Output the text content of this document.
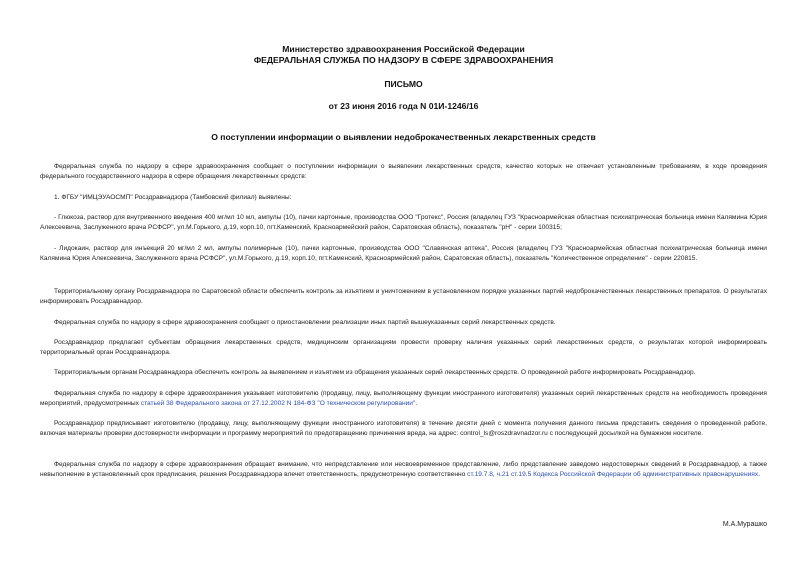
Министерство здравоохранения Российской Федерации
ФЕДЕРАЛЬНАЯ СЛУЖБА ПО НАДЗОРУ В СФЕРЕ ЗДРАВООХРАНЕНИЯ
ПИСЬМО
от 23 июня 2016 года N 01И-1246/16
О поступлении информации о выявлении недоброкачественных лекарственных средств
Федеральная служба по надзору в сфере здравоохранения сообщает о поступлении информации о выявлении лекарственных средств, качество которых не отвечает установленным требованиям, в ходе проведения федерального государственного надзора в сфере обращения лекарственных средств:
1. ФГБУ "ИМЦЭУАОСМП" Росздравнадзора (Тамбовский филиал) выявлены:
- Глюкоза, раствор для внутривенного введения 400 мг/мл 10 мл, ампулы (10), пачки картонные, производства ООО "Гротекс", Россия (владелец ГУЗ "Красноармейская областная психиатрическая больница имени Калямина Юрия Алексеевича, Заслуженного врача РСФСР", ул.М.Горького, д.19, корп.10, пгт.Каменский, Красноармейский район, Саратовская область), показатель "pH" - серии 100315;
- Лидокаин, раствор для инъекций 20 мг/мл 2 мл, ампулы полимерные (10), пачки картонные, производства ООО "Славянская аптека", Россия (владелец ГУЗ "Красноармейская областная психиатрическая больница имени Калямина Юрия Алексеевича, Заслуженного врача РСФСР", ул.М.Горького, д.19, корп.10, пгт.Каменский, Красноармейский район, Саратовская область), показатель "Количественное определение" - серии 220815.
Территориальному органу Росздравнадзора по Саратовской области обеспечить контроль за изъятием и уничтожением в установленном порядке указанных партий недоброкачественных лекарственных препаратов. О результатах информировать Росздравнадзор.
Федеральная служба по надзору в сфере здравоохранения сообщает о приостановлении реализации иных партий вышеуказанных серий лекарственных средств.
Росздравнадзор предлагает субъектам обращения лекарственных средств, медицинским организациям провести проверку наличия указанных серий лекарственных средств, о результатах которой информировать территориальный орган Росздравнадзора.
Территориальным органам Росздравнадзора обеспечить контроль за выявлением и изъятием из обращения указанных серий лекарственных средств. О проведенной работе информировать Росздравнадзор.
Федеральная служба по надзору в сфере здравоохранения указывает изготовителю (продавцу, лицу, выполняющему функции иностранного изготовителя) указанных серий лекарственных средств на необходимость проведения мероприятий, предусмотренных статьей 38 Федерального закона от 27.12.2002 N 184-ФЗ "О техническом регулировании".
Росздравнадзор предписывает изготовителю (продавцу, лицу, выполняющему функции иностранного изготовителя) в течение десяти дней с момента получения данного письма представить сведения о проведенной работе, включая материалы проверки достоверности информации и программу мероприятий по предотвращению причинения вреда, на адрес: control_ls@roszdravnadzor.ru с последующей досылкой на бумажном носителе.
Федеральная служба по надзору в сфере здравоохранения обращает внимание, что непредставление или несвоевременное представление, либо представление заведомо недостоверных сведений в Росздравнадзор, а также невыполнение в установленный срок предписания, решения Росздравнадзора влечет ответственность, предусмотренную соответственно ст.19.7.8, ч.21 ст.19.5 Кодекса Российской Федерации об административных правонарушениях.
М.А.Мурашко
